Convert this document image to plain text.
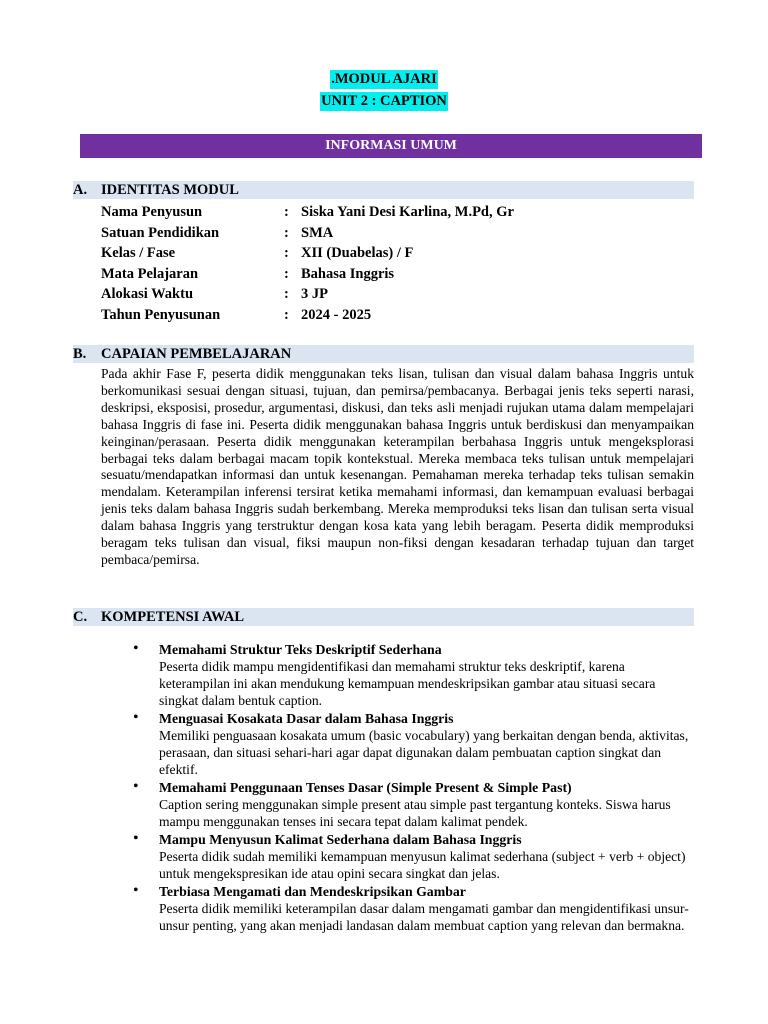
.MODUL AJARI
UNIT 2 : CAPTION
INFORMASI UMUM
A. IDENTITAS MODUL
Nama Penyusun	: Siska Yani Desi Karlina, M.Pd, Gr
Satuan Pendidikan	: SMA
Kelas / Fase	: XII (Duabelas) / F
Mata Pelajaran	: Bahasa Inggris
Alokasi Waktu	: 3 JP
Tahun Penyusunan	: 2024 - 2025
B. CAPAIAN PEMBELAJARAN
Pada akhir Fase F, peserta didik menggunakan teks lisan, tulisan dan visual dalam bahasa Inggris untuk berkomunikasi sesuai dengan situasi, tujuan, dan pemirsa/pembacanya. Berbagai jenis teks seperti narasi, deskripsi, eksposisi, prosedur, argumentasi, diskusi, dan teks asli menjadi rujukan utama dalam mempelajari bahasa Inggris di fase ini. Peserta didik menggunakan bahasa Inggris untuk berdiskusi dan menyampaikan keinginan/perasaan. Peserta didik menggunakan keterampilan berbahasa Inggris untuk mengeksplorasi berbagai teks dalam berbagai macam topik kontekstual. Mereka membaca teks tulisan untuk mempelajari sesuatu/mendapatkan informasi dan untuk kesenangan. Pemahaman mereka terhadap teks tulisan semakin mendalam. Keterampilan inferensi tersirat ketika memahami informasi, dan kemampuan evaluasi berbagai jenis teks dalam bahasa Inggris sudah berkembang. Mereka memproduksi teks lisan dan tulisan serta visual dalam bahasa Inggris yang terstruktur dengan kosa kata yang lebih beragam. Peserta didik memproduksi beragam teks tulisan dan visual, fiksi maupun non-fiksi dengan kesadaran terhadap tujuan dan target pembaca/pemirsa.
C. KOMPETENSI AWAL
• Memahami Struktur Teks Deskriptif Sederhana
Peserta didik mampu mengidentifikasi dan memahami struktur teks deskriptif, karena keterampilan ini akan mendukung kemampuan mendeskripsikan gambar atau situasi secara singkat dalam bentuk caption.
• Menguasai Kosakata Dasar dalam Bahasa Inggris
Memiliki penguasaan kosakata umum (basic vocabulary) yang berkaitan dengan benda, aktivitas, perasaan, dan situasi sehari-hari agar dapat digunakan dalam pembuatan caption singkat dan efektif.
• Memahami Penggunaan Tenses Dasar (Simple Present & Simple Past)
Caption sering menggunakan simple present atau simple past tergantung konteks. Siswa harus mampu menggunakan tenses ini secara tepat dalam kalimat pendek.
• Mampu Menyusun Kalimat Sederhana dalam Bahasa Inggris
Peserta didik sudah memiliki kemampuan menyusun kalimat sederhana (subject + verb + object) untuk mengekspresikan ide atau opini secara singkat dan jelas.
• Terbiasa Mengamati dan Mendeskripsikan Gambar
Peserta didik memiliki keterampilan dasar dalam mengamati gambar dan mengidentifikasi unsur-unsur penting, yang akan menjadi landasan dalam membuat caption yang relevan dan bermakna.
